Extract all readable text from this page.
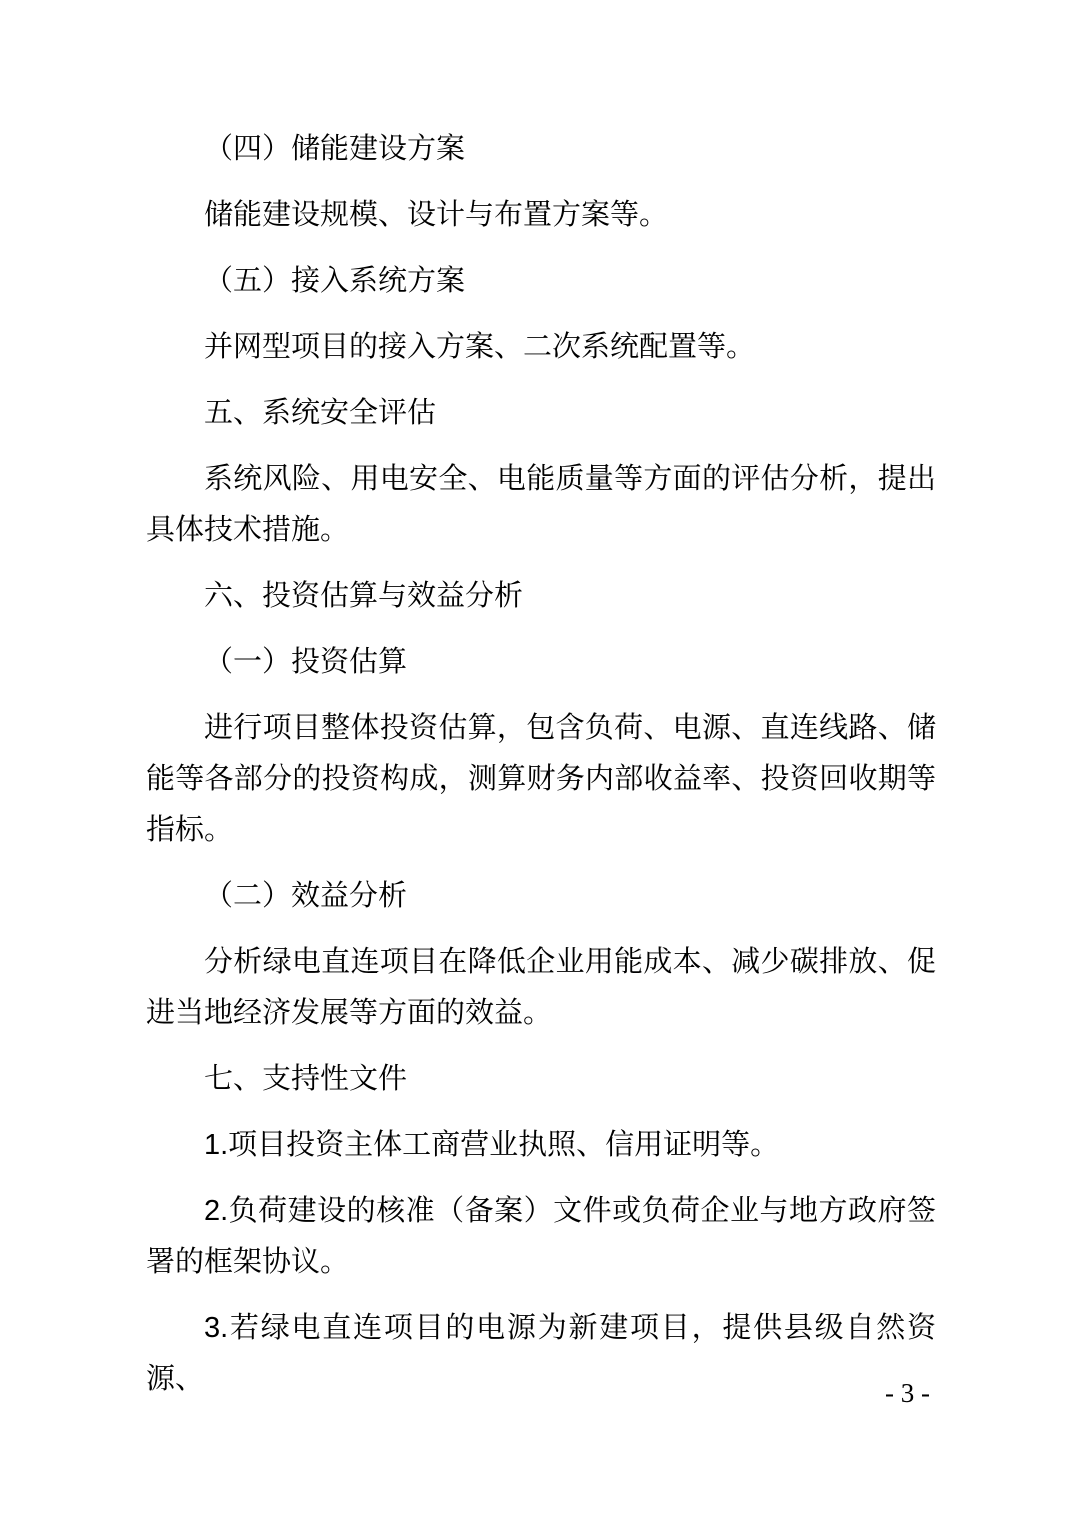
（四）储能建设方案

储能建设规模、设计与布置方案等。

（五）接入系统方案

并网型项目的接入方案、二次系统配置等。

五、系统安全评估

系统风险、用电安全、电能质量等方面的评估分析，提出具体技术措施。

六、投资估算与效益分析

（一）投资估算

进行项目整体投资估算，包含负荷、电源、直连线路、储能等各部分的投资构成，测算财务内部收益率、投资回收期等指标。

（二）效益分析

分析绿电直连项目在降低企业用能成本、减少碳排放、促进当地经济发展等方面的效益。

七、支持性文件

1.项目投资主体工商营业执照、信用证明等。

2.负荷建设的核准（备案）文件或负荷企业与地方政府签署的框架协议。

3.若绿电直连项目的电源为新建项目，提供县级自然资源、	- 3 -
